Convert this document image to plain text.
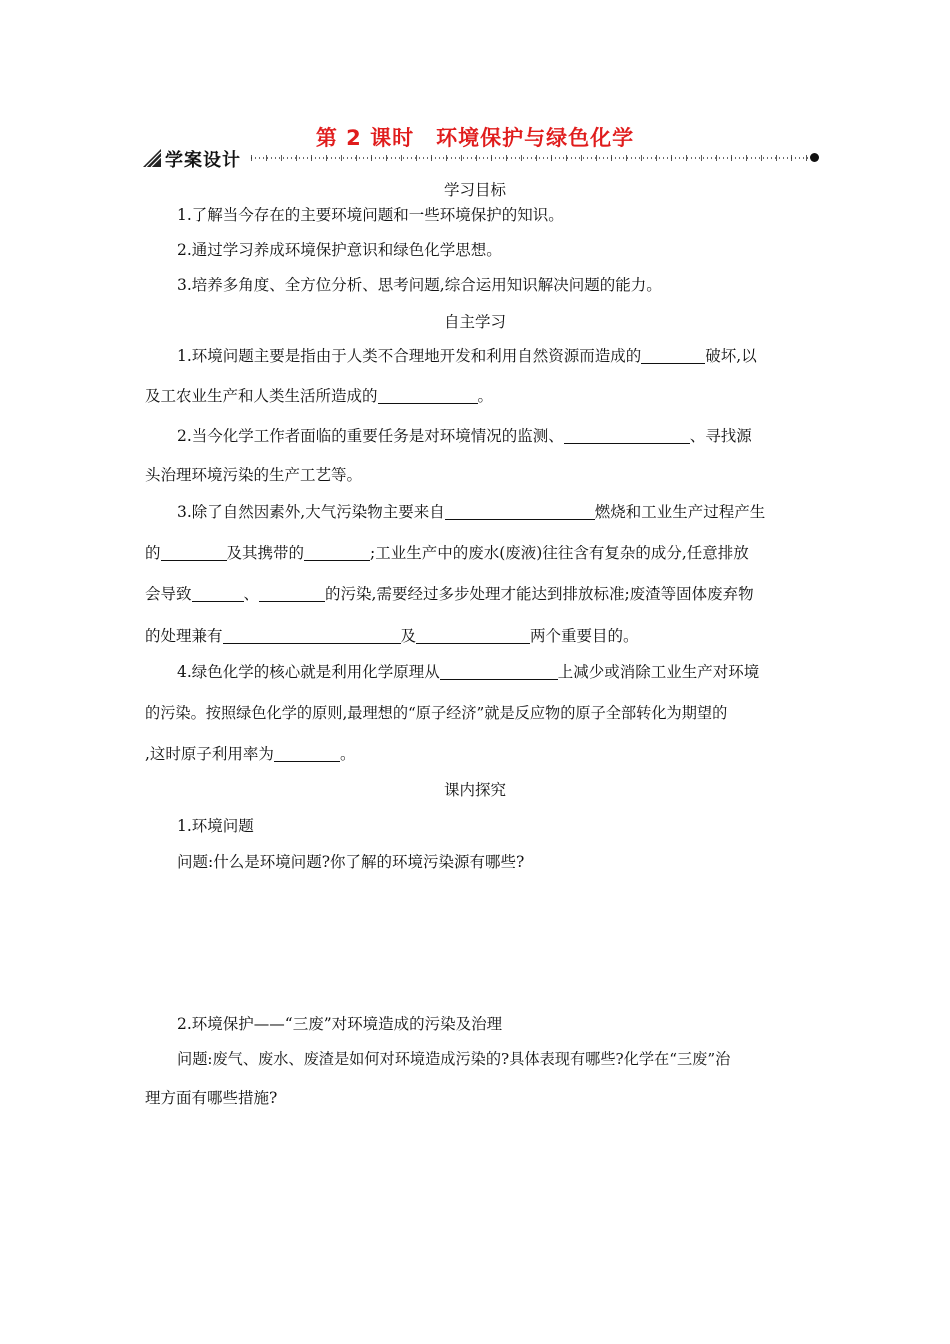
第 2 课时　环境保护与绿色化学
学案设计
学习目标
1.了解当今存在的主要环境问题和一些环境保护的知识。
2.通过学习养成环境保护意识和绿色化学思想。
3.培养多角度、全方位分析、思考问题,综合运用知识解决问题的能力。
自主学习
1.环境问题主要是指由于人类不合理地开发和利用自然资源而造成的	破坏,以
及工农业生产和人类生活所造成的	。
2.当今化学工作者面临的重要任务是对环境情况的监测、	、寻找源
头治理环境污染的生产工艺等。
3.除了自然因素外,大气污染物主要来自	燃烧和工业生产过程产生
的	及其携带的	;工业生产中的废水(废液)往往含有复杂的成分,任意排放
会导致	、	的污染,需要经过多步处理才能达到排放标准;废渣等固体废弃物
的处理兼有	及	两个重要目的。
4.绿色化学的核心就是利用化学原理从	上减少或消除工业生产对环境
的污染。按照绿色化学的原则,最理想的“原子经济”就是反应物的原子全部转化为期望的
,这时原子利用率为	。
课内探究
1.环境问题
问题:什么是环境问题?你了解的环境污染源有哪些?
2.环境保护——“三废”对环境造成的污染及治理
问题:废气、废水、废渣是如何对环境造成污染的?具体表现有哪些?化学在“三废”治
理方面有哪些措施?
